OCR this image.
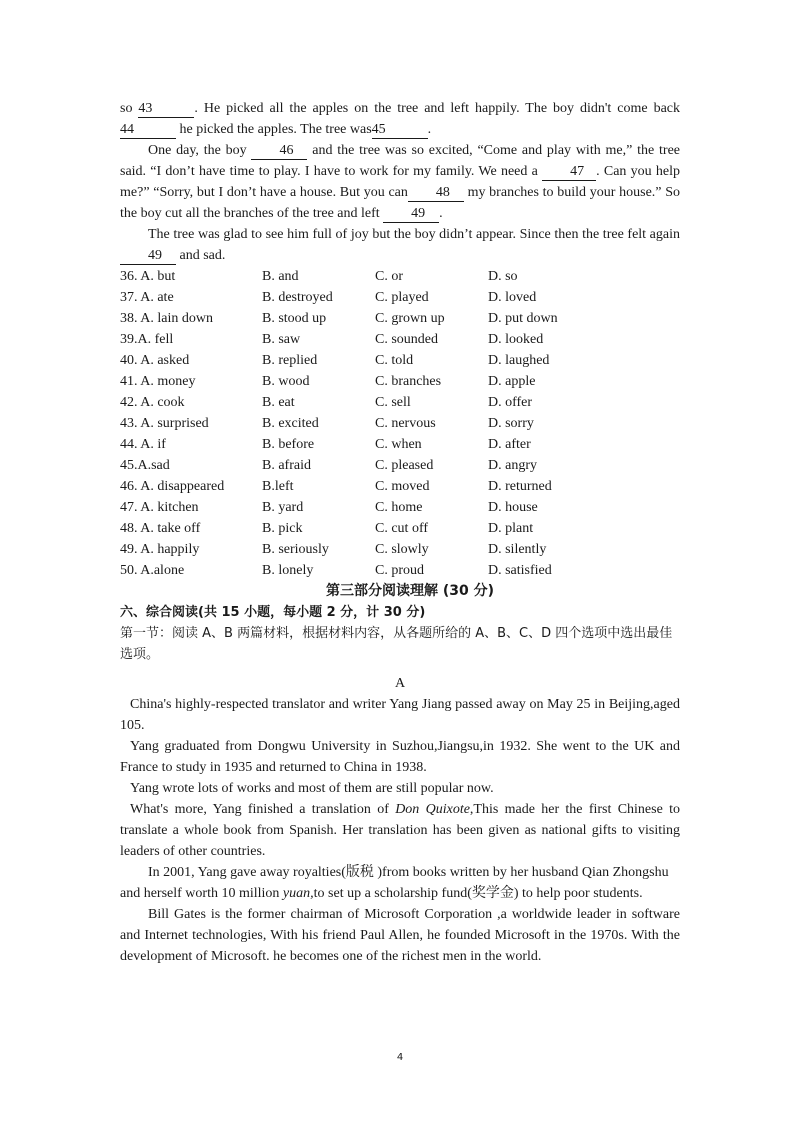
so 43	. He picked all the apples on the tree and left happily. The boy didn't come back 44	he picked the apples. The tree was45	.

One day, the boy 46 and the tree was so excited, “Come and play with me,” the tree said. “I don’t have time to play. I have to work for my family. We need a 47 . Can you help me?” “Sorry, but I don’t have a house. But you can 48 my branches to build your house.” So the boy cut all the branches of the tree and left 49 .

The tree was glad to see him full of joy but the boy didn’t appear. Since then the tree felt again 49 and sad.

36. A. but	B. and	C. or	D. so
37. A. ate	B. destroyed	C. played	D. loved
38. A. lain down	B. stood up	C. grown up	D. put down
39.A. fell	B. saw	C. sounded	D. looked
40. A. asked	B. replied	C. told	D. laughed
41. A. money	B. wood	C. branches	D. apple
42. A. cook	B. eat	C. sell	D. offer
43. A. surprised	B. excited	C. nervous	D. sorry
44. A. if	B. before	C. when	D. after
45.A.sad	B. afraid	C. pleased	D. angry
46. A. disappeared	B.left	C. moved	D. returned
47. A. kitchen	B. yard	C. home	D. house
48. A. take off	B. pick	C. cut off	D. plant
49. A. happily	B. seriously	C. slowly	D. silently
50. A.alone	B. lonely	C. proud	D. satisfied

第三部分阅读理解 (30 分)

六、综合阅读(共 15 小题，每小题 2 分，计 30 分)

第一节：阅读 A、B 两篇材料，根据材料内容，从各题所给的 A、B、C、D 四个选项中选出最佳选项。

A

China's highly-respected translator and writer Yang Jiang passed away on May 25 in Beijing,aged 105.

Yang graduated from Dongwu University in Suzhou,Jiangsu,in 1932. She went to the UK and France to study in 1935 and returned to China in 1938.

Yang wrote lots of works and most of them are still popular now.

What's more, Yang finished a translation of Don Quixote,This made her the first Chinese to translate a whole book from Spanish. Her translation has been given as national gifts to visiting leaders of other countries.

In 2001, Yang gave away royalties(版税 )from books written by her husband Qian Zhongshu and herself worth 10 million yuan,to set up a scholarship fund(奖学金) to help poor students.

Bill Gates is the former chairman of Microsoft Corporation ,a worldwide leader in software and Internet technologies, With his friend Paul Allen, he founded Microsoft in the 1970s. With the development of Microsoft. he becomes one of the richest men in the world.

4
